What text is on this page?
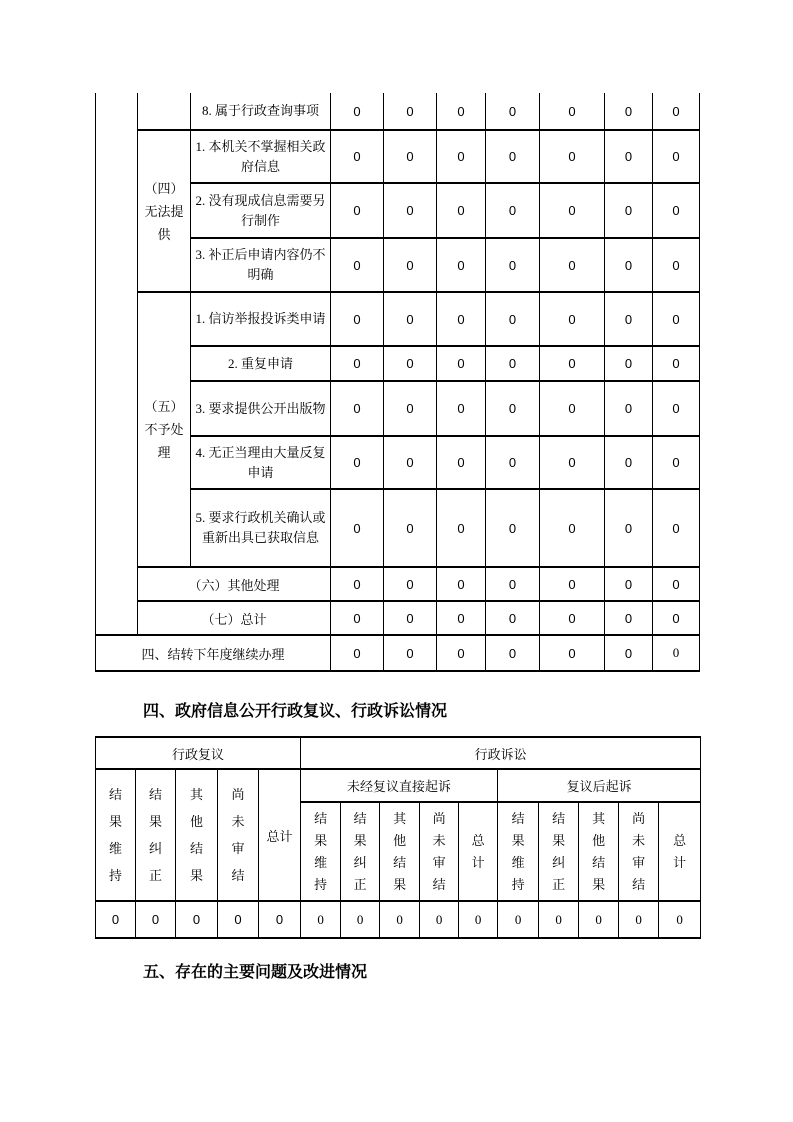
		8. 属于行政查询事项	0	0	0	0	0	0	0

	（四）
无法提供	1. 本机关不掌握相关政府信息	0	0	0	0	0	0	0
		2. 没有现成信息需要另行制作	0	0	0	0	0	0	0
		3. 补正后申请内容仍不明确	0	0	0	0	0	0	0

	（五）
不予处理	1. 信访举报投诉类申请	0	0	0	0	0	0	0
		2. 重复申请	0	0	0	0	0	0	0
		3. 要求提供公开出版物	0	0	0	0	0	0	0
		4. 无正当理由大量反复申请	0	0	0	0	0	0	0
		5. 要求行政机关确认或重新出具已获取信息	0	0	0	0	0	0	0
	（六）其他处理		0	0	0	0	0	0	0
	（七）总计		0	0	0	0	0	0	0
四、结转下年度继续办理			0	0	0	0	0	0	0
四、政府信息公开行政复议、行政诉讼情况
行政复议					行政诉讼									

结果维持	结果纠正	其他结果	尚未审结	总计	未经复议直接起诉					复议后起诉				

					结果维持	结果纠正	其他结果	尚未审结	总计	结果维持	结果纠正	其他结果	尚未审结	总计

0	0	0	0	0	0	0	0	0	0	0	0	0	0	0
五、存在的主要问题及改进情况
